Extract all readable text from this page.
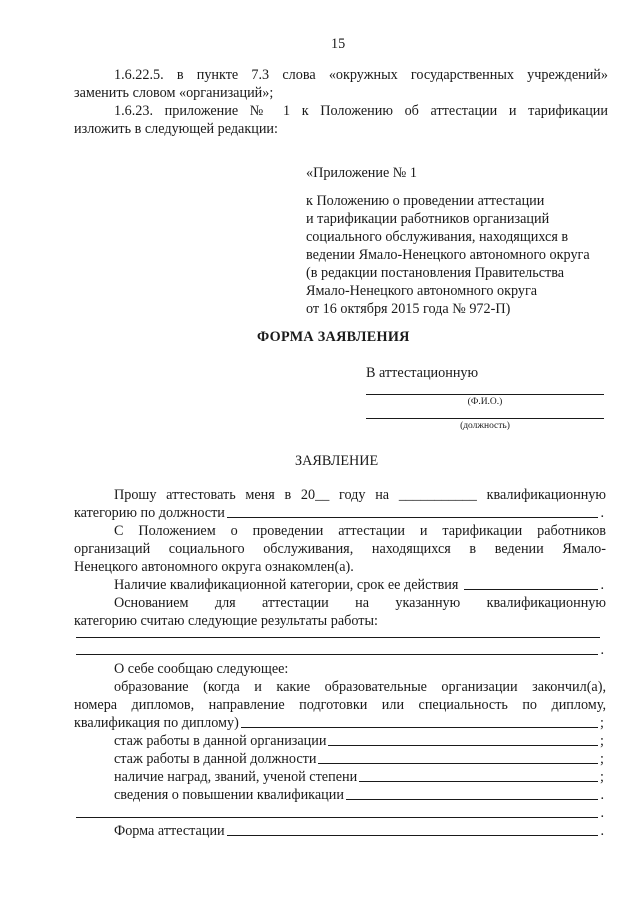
15
1.6.22.5. в пункте 7.3 слова «окружных государственных учреждений»
заменить словом «организаций»;
1.6.23. приложение № 1 к Положению об аттестации и тарификации
изложить в следующей редакции:
«Приложение № 1
к Положению о проведении аттестации
и тарификации работников организаций
социального обслуживания, находящихся в
ведении Ямало-Ненецкого автономного округа
(в редакции постановления Правительства
Ямало-Ненецкого автономного округа
от 16 октября 2015 года № 972-П)
ФОРМА ЗАЯВЛЕНИЯ
В аттестационную
(Ф.И.О.)
(должность)
ЗАЯВЛЕНИЕ
Прошу аттестовать меня в 20__ году на ___________ квалификационную
категорию по должности	.
С Положением о проведении аттестации и тарификации работников
организаций социального обслуживания, находящихся в ведении Ямало-
Ненецкого автономного округа ознакомлен(а).
Наличие квалификационной категории, срок ее действия	.
Основанием для аттестации на указанную квалификационную
категорию считаю следующие результаты работы:
.
О себе сообщаю следующее:
образование (когда и какие образовательные организации закончил(а),
номера дипломов, направление подготовки или специальность по диплому,
квалификация по диплому)	;
стаж работы в данной организации	;
стаж работы в данной должности	;
наличие наград, званий, ученой степени	;
сведения о повышении квалификации	.
.
Форма аттестации	.
